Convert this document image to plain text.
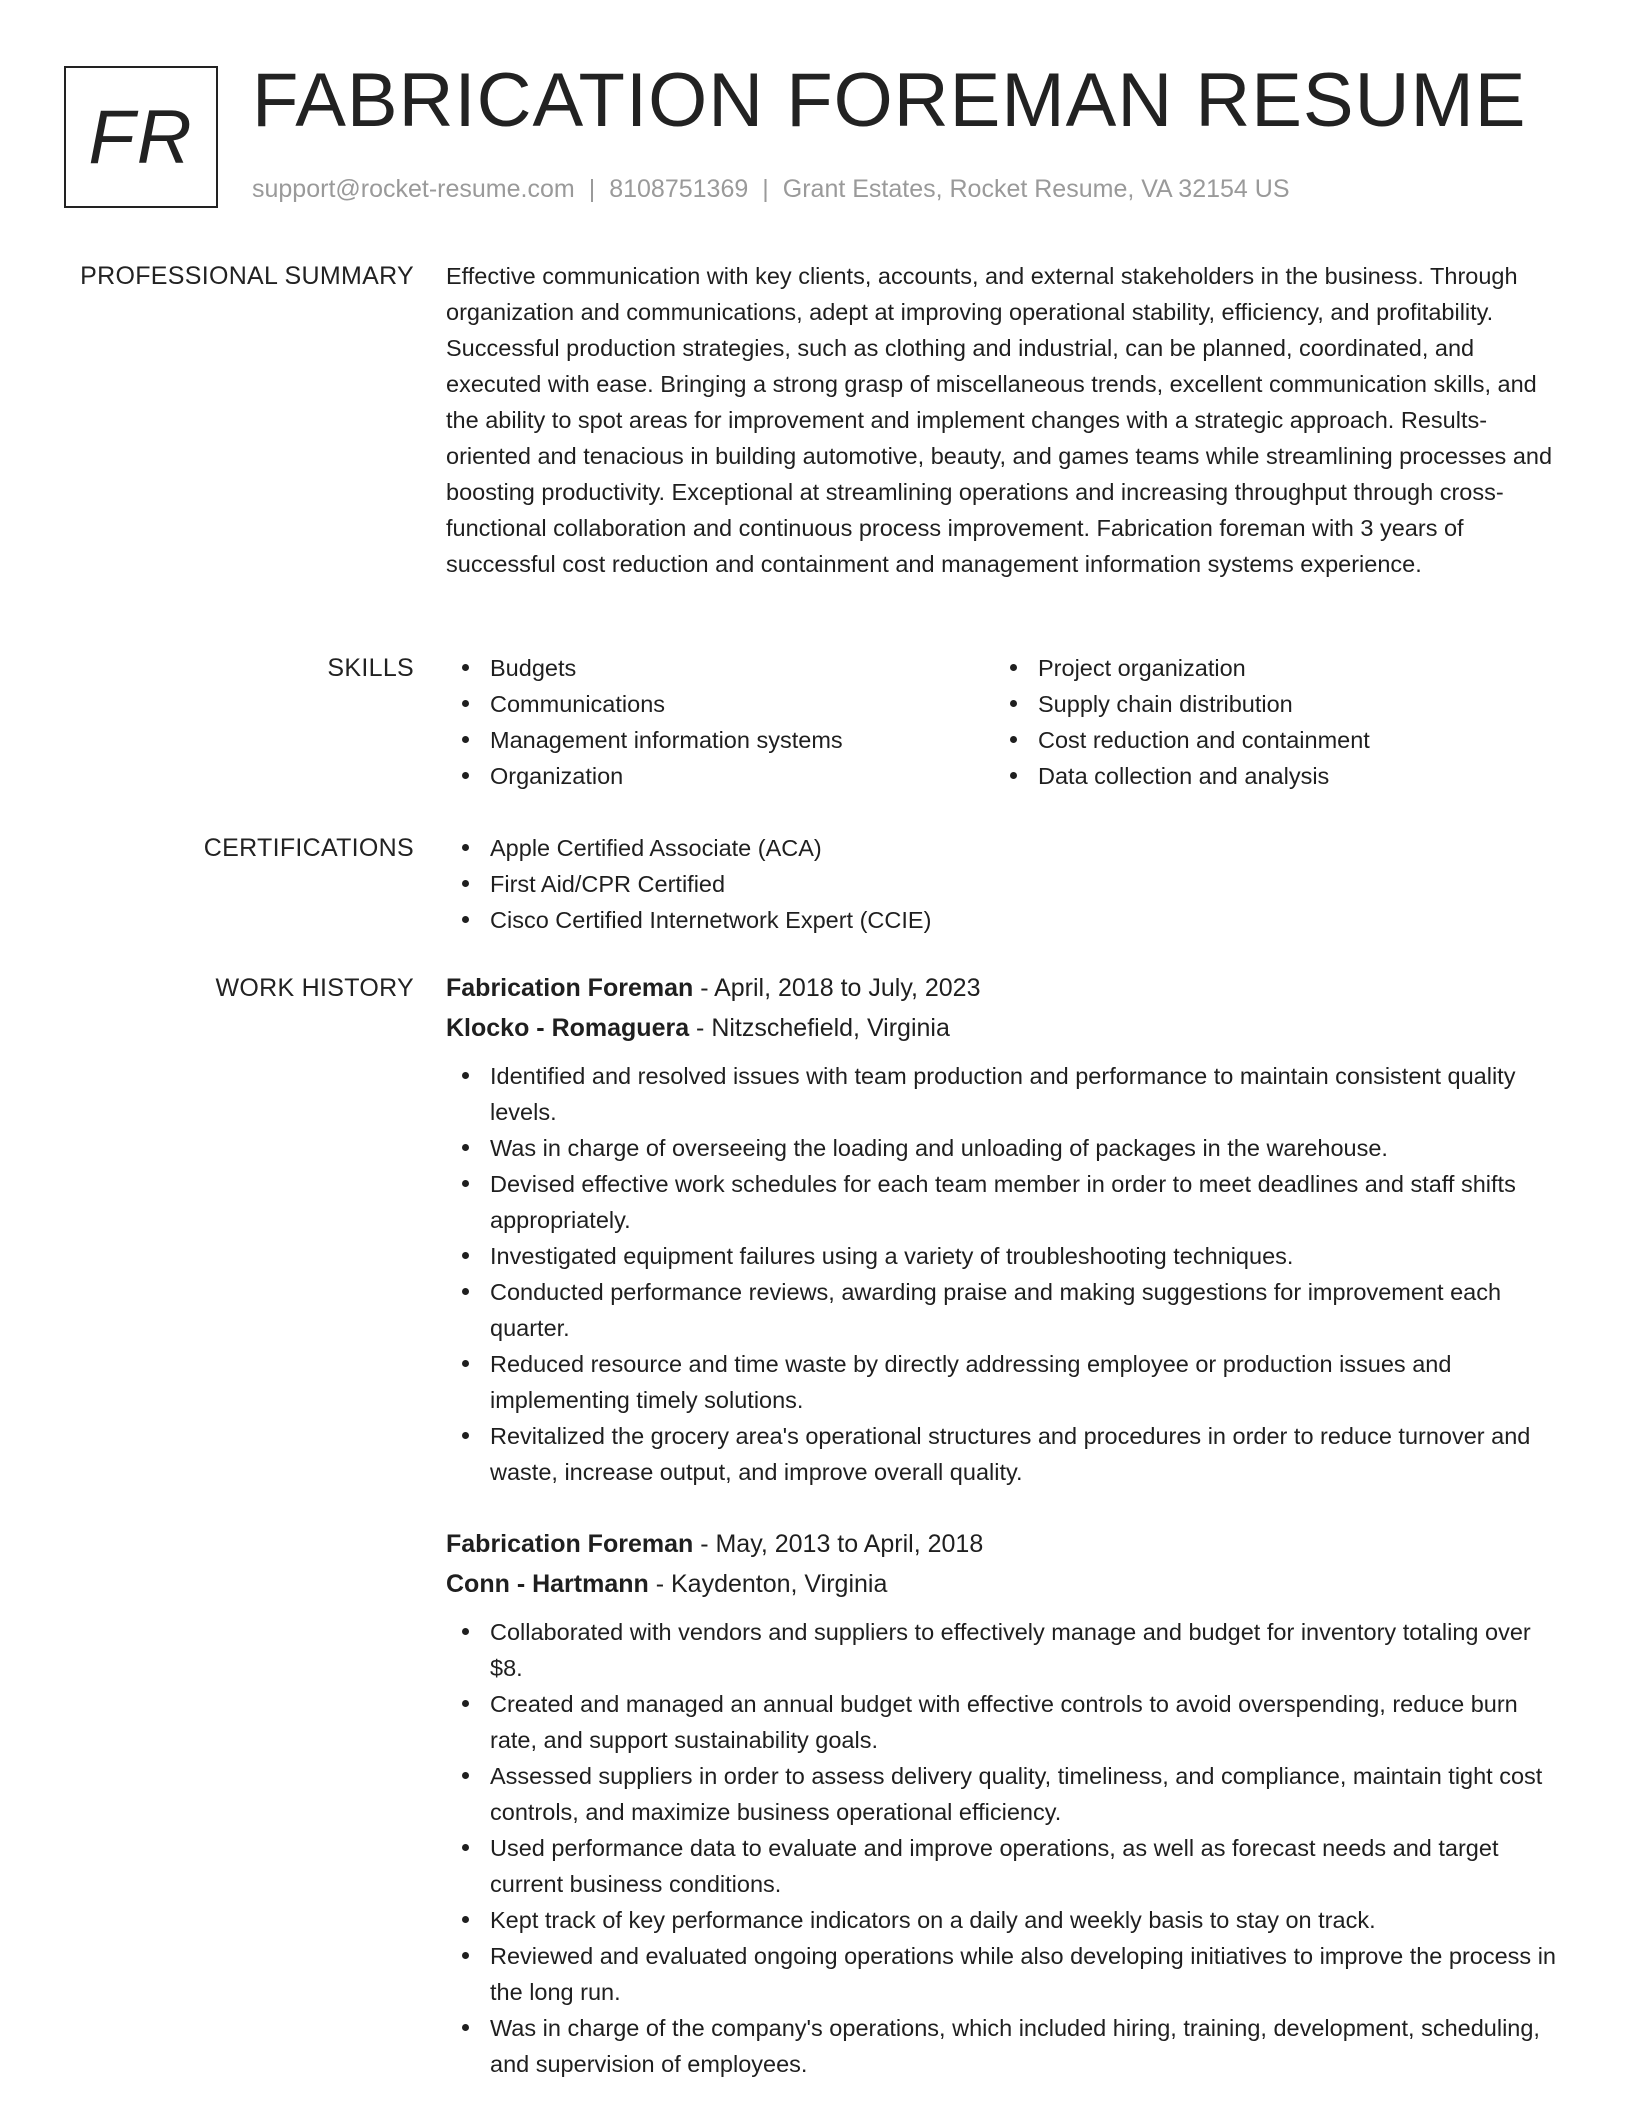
FR FABRICATION FOREMAN RESUME
support@rocket-resume.com | 8108751369 | Grant Estates, Rocket Resume, VA 32154 US
PROFESSIONAL SUMMARY Effective communication with key clients, accounts, and external stakeholders in the business. Through organization and communications, adept at improving operational stability, efficiency, and profitability. Successful production strategies, such as clothing and industrial, can be planned, coordinated, and executed with ease. Bringing a strong grasp of miscellaneous trends, excellent communication skills, and the ability to spot areas for improvement and implement changes with a strategic approach. Results-oriented and tenacious in building automotive, beauty, and games teams while streamlining processes and boosting productivity. Exceptional at streamlining operations and increasing throughput through cross-functional collaboration and continuous process improvement. Fabrication foreman with 3 years of successful cost reduction and containment and management information systems experience.

SKILLS	Budgets
Communications
Management information systems
Organization
Project organization
Supply chain distribution
Cost reduction and containment
Data collection and analysis
CERTIFICATIONS	Apple Certified Associate (ACA)
First Aid/CPR Certified
Cisco Certified Internetwork Expert (CCIE)
WORK HISTORY Fabrication Foreman - April, 2018 to July, 2023
Klocko - Romaguera - Nitzschefield, Virginia
Identified and resolved issues with team production and performance to maintain consistent quality levels.
Was in charge of overseeing the loading and unloading of packages in the warehouse.
Devised effective work schedules for each team member in order to meet deadlines and staff shifts appropriately.
Investigated equipment failures using a variety of troubleshooting techniques.
Conducted performance reviews, awarding praise and making suggestions for improvement each quarter.
Reduced resource and time waste by directly addressing employee or production issues and implementing timely solutions.
Revitalized the grocery area's operational structures and procedures in order to reduce turnover and waste, increase output, and improve overall quality.
Fabrication Foreman - May, 2013 to April, 2018
Conn - Hartmann - Kaydenton, Virginia
Collaborated with vendors and suppliers to effectively manage and budget for inventory totaling over $8.
Created and managed an annual budget with effective controls to avoid overspending, reduce burn rate, and support sustainability goals.
Assessed suppliers in order to assess delivery quality, timeliness, and compliance, maintain tight cost controls, and maximize business operational efficiency.
Used performance data to evaluate and improve operations, as well as forecast needs and target current business conditions.
Kept track of key performance indicators on a daily and weekly basis to stay on track.
Reviewed and evaluated ongoing operations while also developing initiatives to improve the process in the long run.
Was in charge of the company's operations, which included hiring, training, development, scheduling, and supervision of employees.
